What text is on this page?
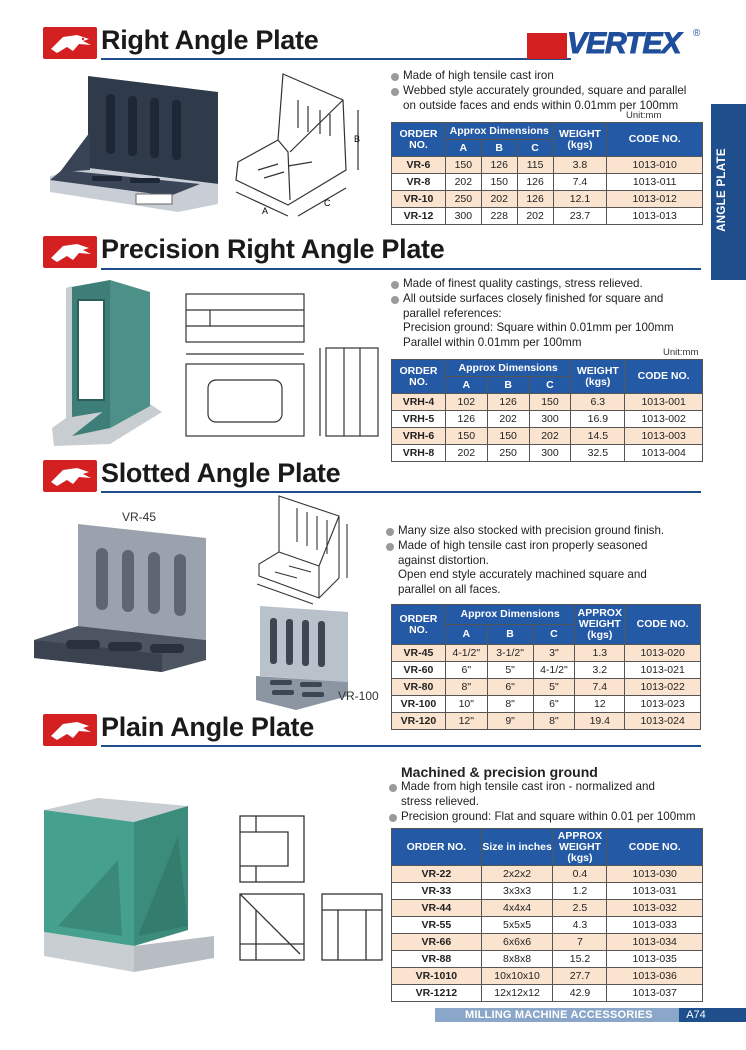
Right Angle Plate	VERTEX ®
ANGLE PLATE
B
A
C
Made of high tensile cast iron
Webbed style accurately grounded, square and parallel
on outside faces and ends within 0.01mm per 100mm
Unit:mm
ORDER NO.	Approx Dimensions			WEIGHT (kgs)	CODE NO.
	A	B	C		
VR-6	150	126	115	3.8	1013-010
VR-8	202	150	126	7.4	1013-011
VR-10	250	202	126	12.1	1013-012
VR-12	300	228	202	23.7	1013-013
Precision Right Angle Plate
Made of finest quality castings, stress relieved.
All outside surfaces closely finished for square and
parallel references:
Precision ground: Square within 0.01mm per 100mm
Parallel within 0.01mm per 100mm
Unit:mm
ORDER NO.	Approx Dimensions			WEIGHT (kgs)	CODE NO.
	A	B	C		
VRH-4	102	126	150	6.3	1013-001
VRH-5	126	202	300	16.9	1013-002
VRH-6	150	150	202	14.5	1013-003
VRH-8	202	250	300	32.5	1013-004
Slotted Angle Plate
VR-45
VR-100
Many size also stocked with precision ground finish.
Made of high tensile cast iron properly seasoned
against distortion.
Open end style accurately machined square and
parallel on all faces.
ORDER NO.	Approx Dimensions			APPROX WEIGHT (kgs)	CODE NO.
	A	B	C		
VR-45	4-1/2"	3-1/2"	3"	1.3	1013-020
VR-60	6"	5"	4-1/2"	3.2	1013-021
VR-80	8"	6"	5"	7.4	1013-022
VR-100	10"	8"	6"	12	1013-023
VR-120	12"	9"	8"	19.4	1013-024
Plain Angle Plate
Machined & precision ground
Made from high tensile cast iron - normalized and
stress relieved.
Precision ground: Flat and square within 0.01 per 100mm
ORDER NO.	Size in inches	APPROX WEIGHT (kgs)	CODE NO.
VR-22	2x2x2	0.4	1013-030
VR-33	3x3x3	1.2	1013-031
VR-44	4x4x4	2.5	1013-032
VR-55	5x5x5	4.3	1013-033
VR-66	6x6x6	7	1013-034
VR-88	8x8x8	15.2	1013-035
VR-1010	10x10x10	27.7	1013-036
VR-1212	12x12x12	42.9	1013-037
MILLING MACHINE ACCESSORIES	A74
